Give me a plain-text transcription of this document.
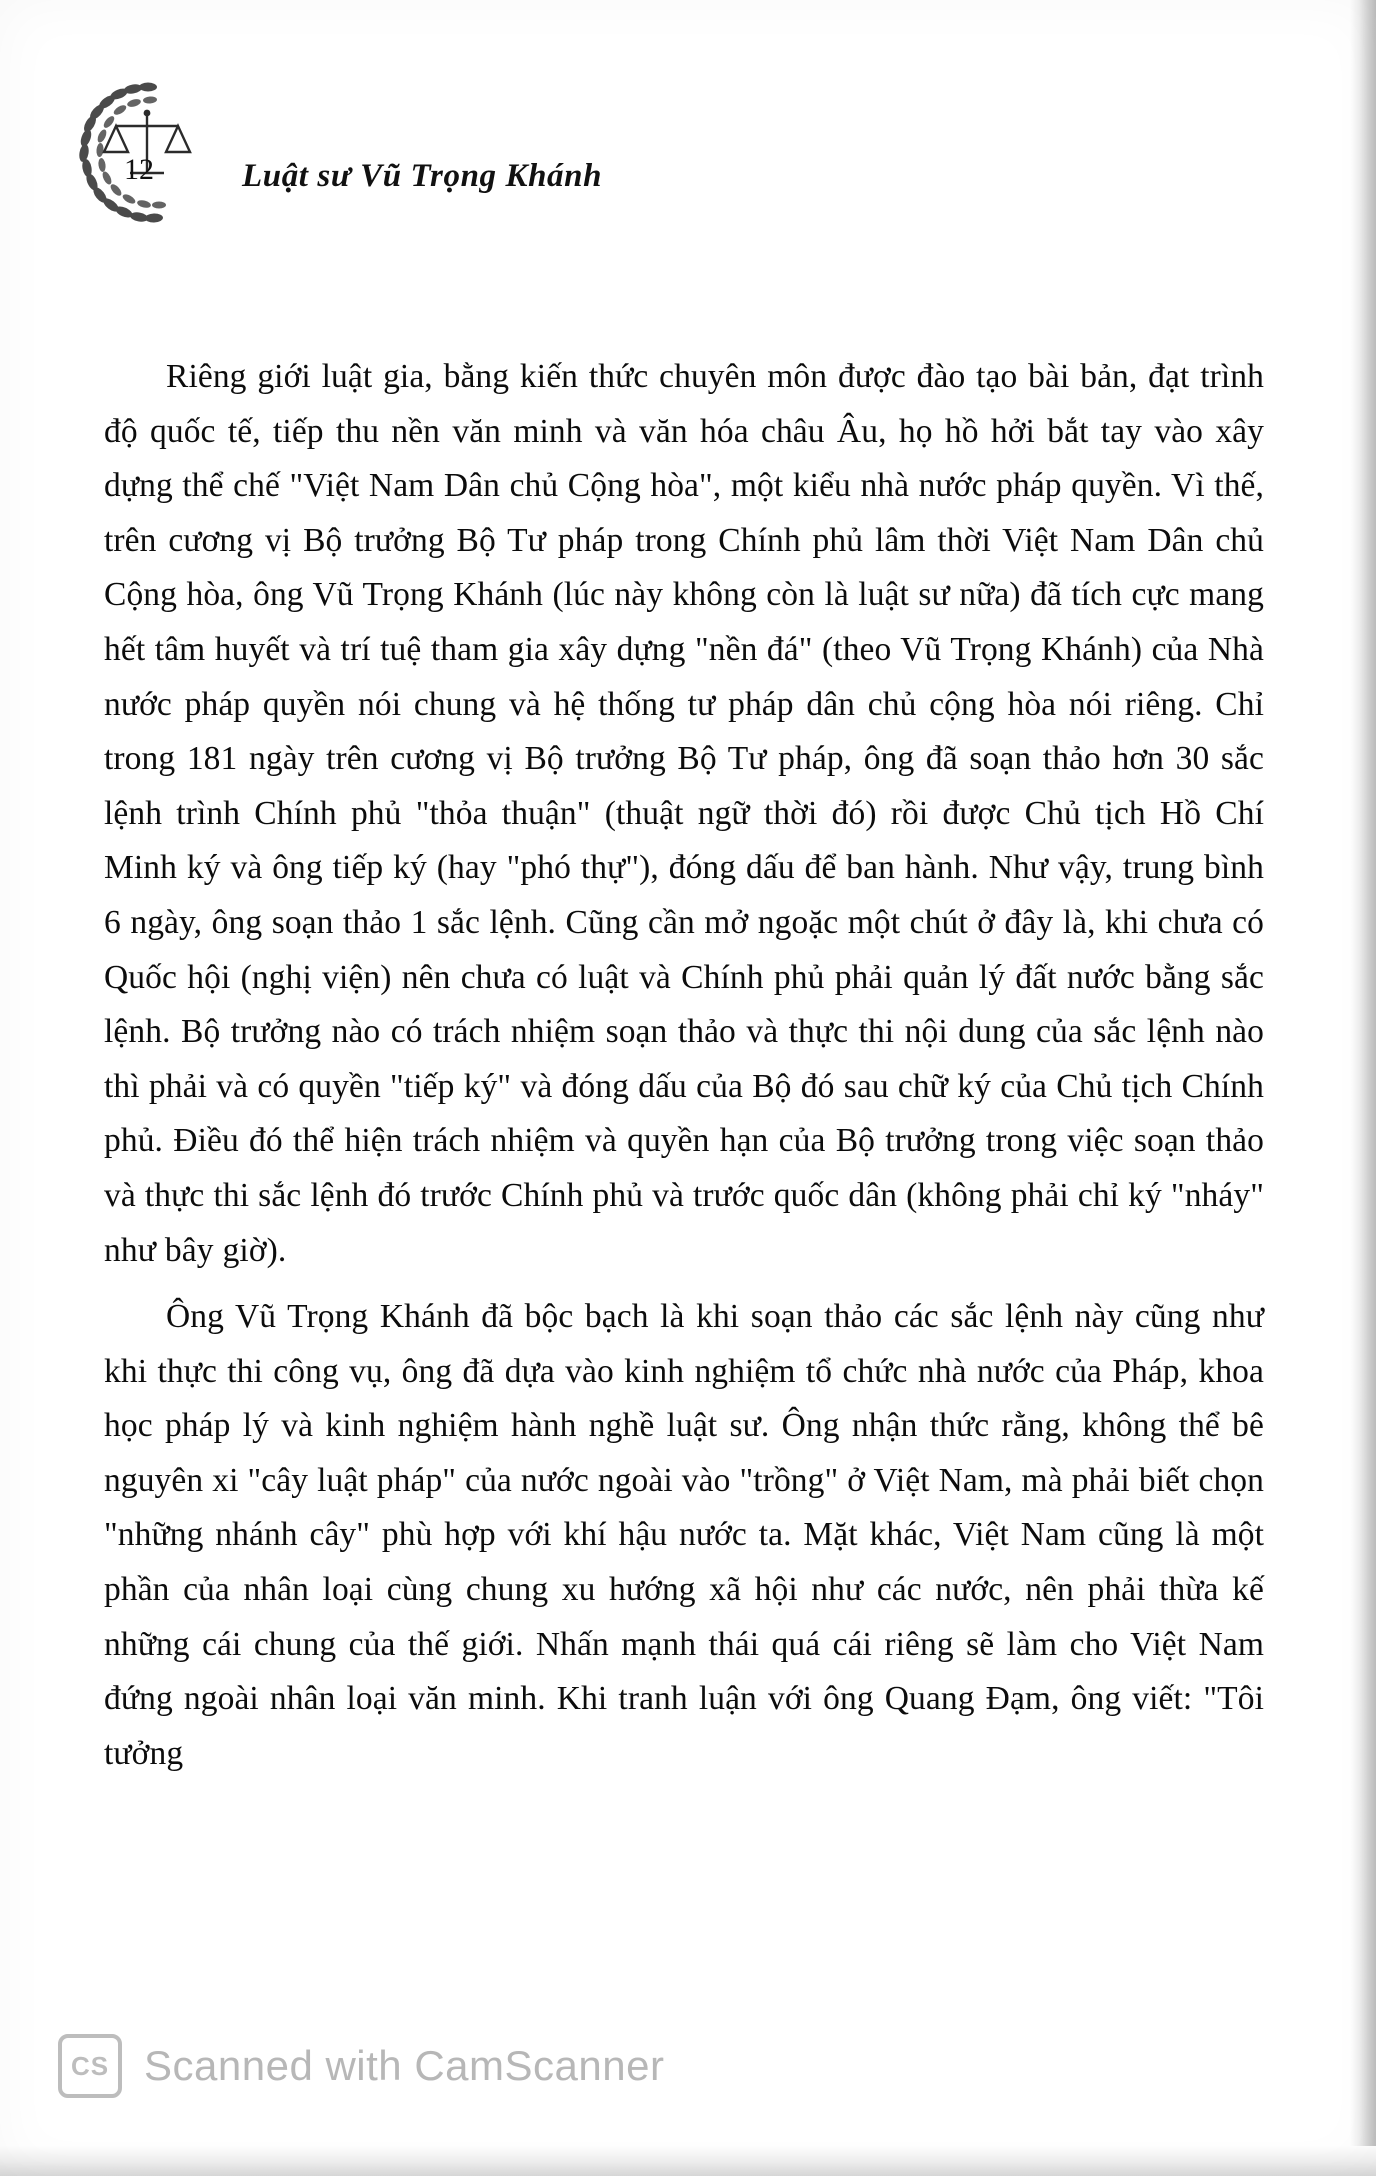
12	Luật sư Vũ Trọng Khánh

Riêng giới luật gia, bằng kiến thức chuyên môn được đào tạo bài bản, đạt trình độ quốc tế, tiếp thu nền văn minh và văn hóa châu Âu, họ hồ hởi bắt tay vào xây dựng thể chế "Việt Nam Dân chủ Cộng hòa", một kiểu nhà nước pháp quyền. Vì thế, trên cương vị Bộ trưởng Bộ Tư pháp trong Chính phủ lâm thời Việt Nam Dân chủ Cộng hòa, ông Vũ Trọng Khánh (lúc này không còn là luật sư nữa) đã tích cực mang hết tâm huyết và trí tuệ tham gia xây dựng "nền đá" (theo Vũ Trọng Khánh) của Nhà nước pháp quyền nói chung và hệ thống tư pháp dân chủ cộng hòa nói riêng. Chỉ trong 181 ngày trên cương vị Bộ trưởng Bộ Tư pháp, ông đã soạn thảo hơn 30 sắc lệnh trình Chính phủ "thỏa thuận" (thuật ngữ thời đó) rồi được Chủ tịch Hồ Chí Minh ký và ông tiếp ký (hay "phó thự"), đóng dấu để ban hành. Như vậy, trung bình 6 ngày, ông soạn thảo 1 sắc lệnh. Cũng cần mở ngoặc một chút ở đây là, khi chưa có Quốc hội (nghị viện) nên chưa có luật và Chính phủ phải quản lý đất nước bằng sắc lệnh. Bộ trưởng nào có trách nhiệm soạn thảo và thực thi nội dung của sắc lệnh nào thì phải và có quyền "tiếp ký" và đóng dấu của Bộ đó sau chữ ký của Chủ tịch Chính phủ. Điều đó thể hiện trách nhiệm và quyền hạn của Bộ trưởng trong việc soạn thảo và thực thi sắc lệnh đó trước Chính phủ và trước quốc dân (không phải chỉ ký "nháy" như bây giờ).

Ông Vũ Trọng Khánh đã bộc bạch là khi soạn thảo các sắc lệnh này cũng như khi thực thi công vụ, ông đã dựa vào kinh nghiệm tổ chức nhà nước của Pháp, khoa học pháp lý và kinh nghiệm hành nghề luật sư. Ông nhận thức rằng, không thể bê nguyên xi "cây luật pháp" của nước ngoài vào "trồng" ở Việt Nam, mà phải biết chọn "những nhánh cây" phù hợp với khí hậu nước ta. Mặt khác, Việt Nam cũng là một phần của nhân loại cùng chung xu hướng xã hội như các nước, nên phải thừa kế những cái chung của thế giới. Nhấn mạnh thái quá cái riêng sẽ làm cho Việt Nam đứng ngoài nhân loại văn minh. Khi tranh luận với ông Quang Đạm, ông viết: "Tôi tưởng

CS Scanned with CamScanner
